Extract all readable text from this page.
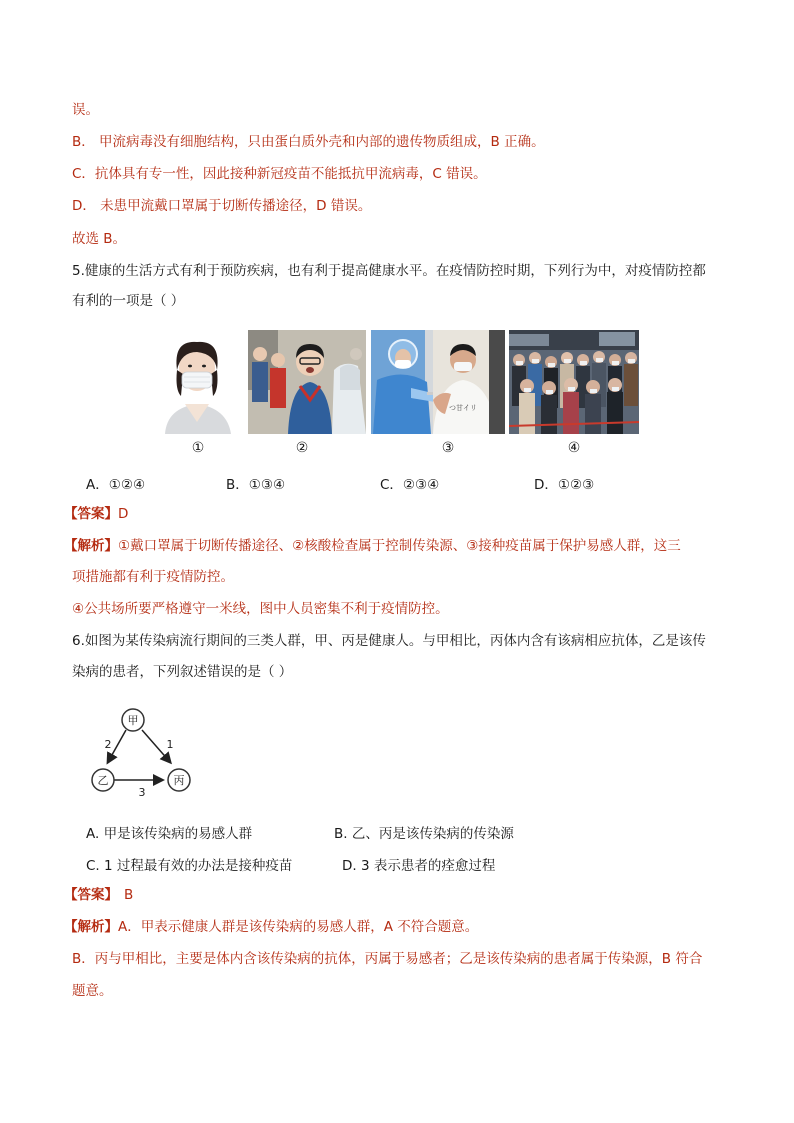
误。
B． 甲流病毒没有细胞结构，只由蛋白质外壳和内部的遗传物质组成，B 正确。
C．抗体具有专一性，因此接种新冠疫苗不能抵抗甲流病毒，C 错误。
D． 未患甲流戴口罩属于切断传播途径，D 错误。
故选 B。
5.健康的生活方式有利于预防疾病，也有利于提高健康水平。在疫情防控时期，下列行为中，对疫情防控都
有利的一项是（ ）
つ甘イリ
①	②	③	④
A．①②④	B．①③④	C．②③④	D．①②③
【答案】D
【解析】①戴口罩属于切断传播途径、②核酸检查属于控制传染源、③接种疫苗属于保护易感人群，这三
项措施都有利于疫情防控。
④公共场所要严格遵守一米线，图中人员密集不利于疫情防控。
6.如图为某传染病流行期间的三类人群，甲、丙是健康人。与甲相比，丙体内含有该病相应抗体，乙是该传
染病的患者，下列叙述错误的是（ ）
甲
乙	丙
2	1
3
A. 甲是该传染病的易感人群	B. 乙、丙是该传染病的传染源
C. 1 过程最有效的办法是接种疫苗	D. 3 表示患者的痊愈过程
【答案】 B
【解析】A．甲表示健康人群是该传染病的易感人群，A 不符合题意。
B．丙与甲相比，主要是体内含该传染病的抗体，丙属于易感者；乙是该传染病的患者属于传染源，B 符合
题意。
